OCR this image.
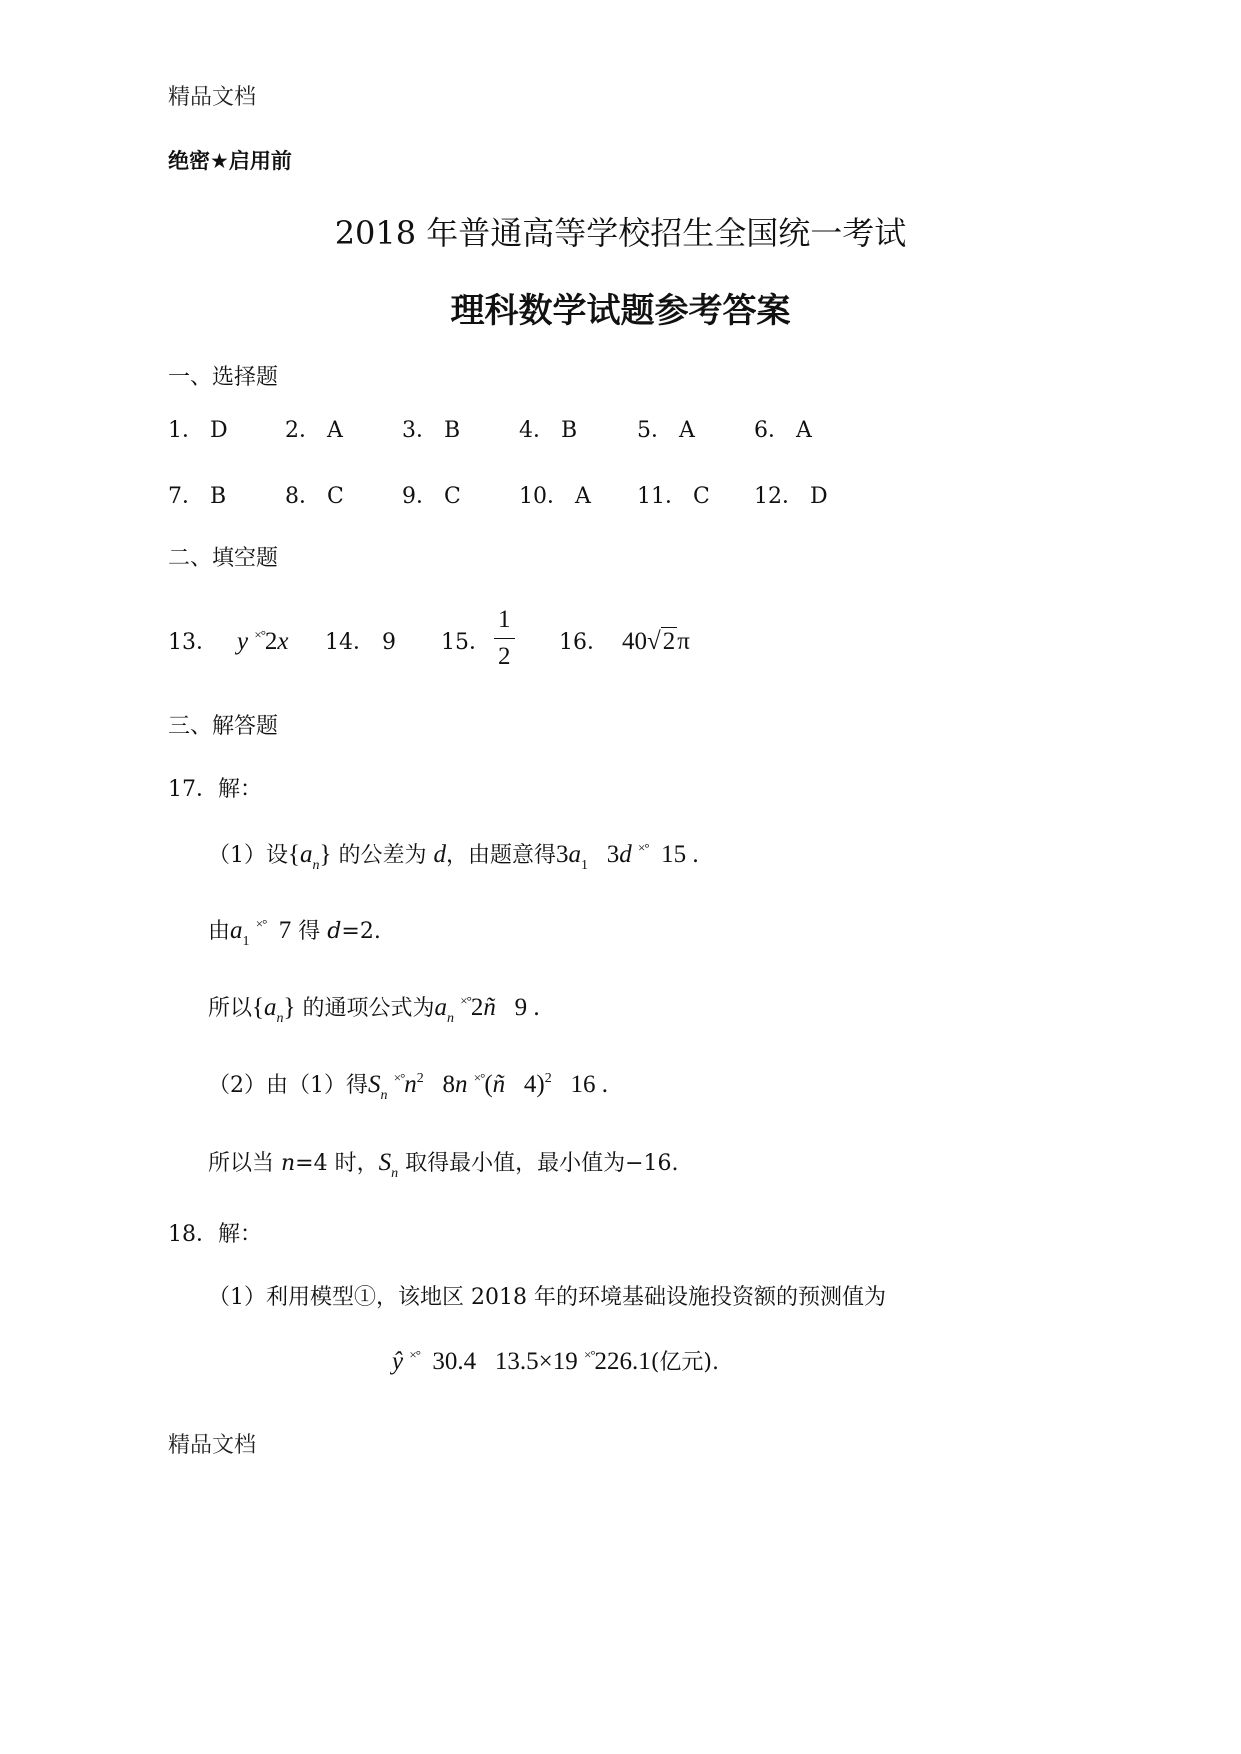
精品文档
绝密★启用前
2018 年普通高等学校招生全国统一考试
理科数学试题参考答案
一、选择题
1． D	2． A	3． B	4． B	5． A	6． A
7． B	8． C	9． C	10． A 11． C 12． D
二、填空题
13． y ×°2x 14． 9 15． $\frac{1}{2} 16$． 40√2π
三、解答题
17．解：
（1）设$\{a_n\}$ 的公差为 d，由题意得$3a_1$ 3d ×° 15 .
由$a_1$ ×° 7 得 d=2.
所以$\{a_n\}$ 的通项公式为$a_n$ ×°2ñ 9 .
（2）由（1）得$S_n$ $^{\times^\circ}n^2$ 8n ×°(ñ 4)$^2$ 16 .
所以当 n=4 时，$S_n$ 取得最小值，最小值为−16.
18．解：
（1）利用模型①，该地区 2018 年的环境基础设施投资额的预测值为
ŷ ×° 30.4 13.5×19 ×°226.1(亿元).
精品文档
